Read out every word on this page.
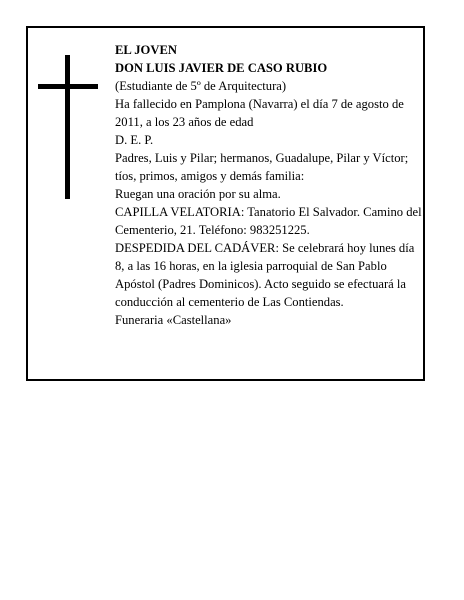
EL JOVEN

DON LUIS JAVIER DE CASO RUBIO

(Estudiante de 5º de Arquitectura)

Ha fallecido en Pamplona (Navarra) el día 7 de agosto de 2011, a los 23 años de edad

D. E. P.

Padres, Luis y Pilar; hermanos, Guadalupe, Pilar y Víctor; tíos, primos, amigos y demás familia:

Ruegan una oración por su alma.

CAPILLA VELATORIA: Tanatorio El Salvador. Camino del Cementerio, 21. Teléfono: 983251225.

DESPEDIDA DEL CADÁVER: Se celebrará hoy lunes día 8, a las 16 horas, en la iglesia parroquial de San Pablo Apóstol (Padres Dominicos). Acto seguido se efectuará la conducción al cementerio de Las Contiendas.

Funeraria «Castellana»
